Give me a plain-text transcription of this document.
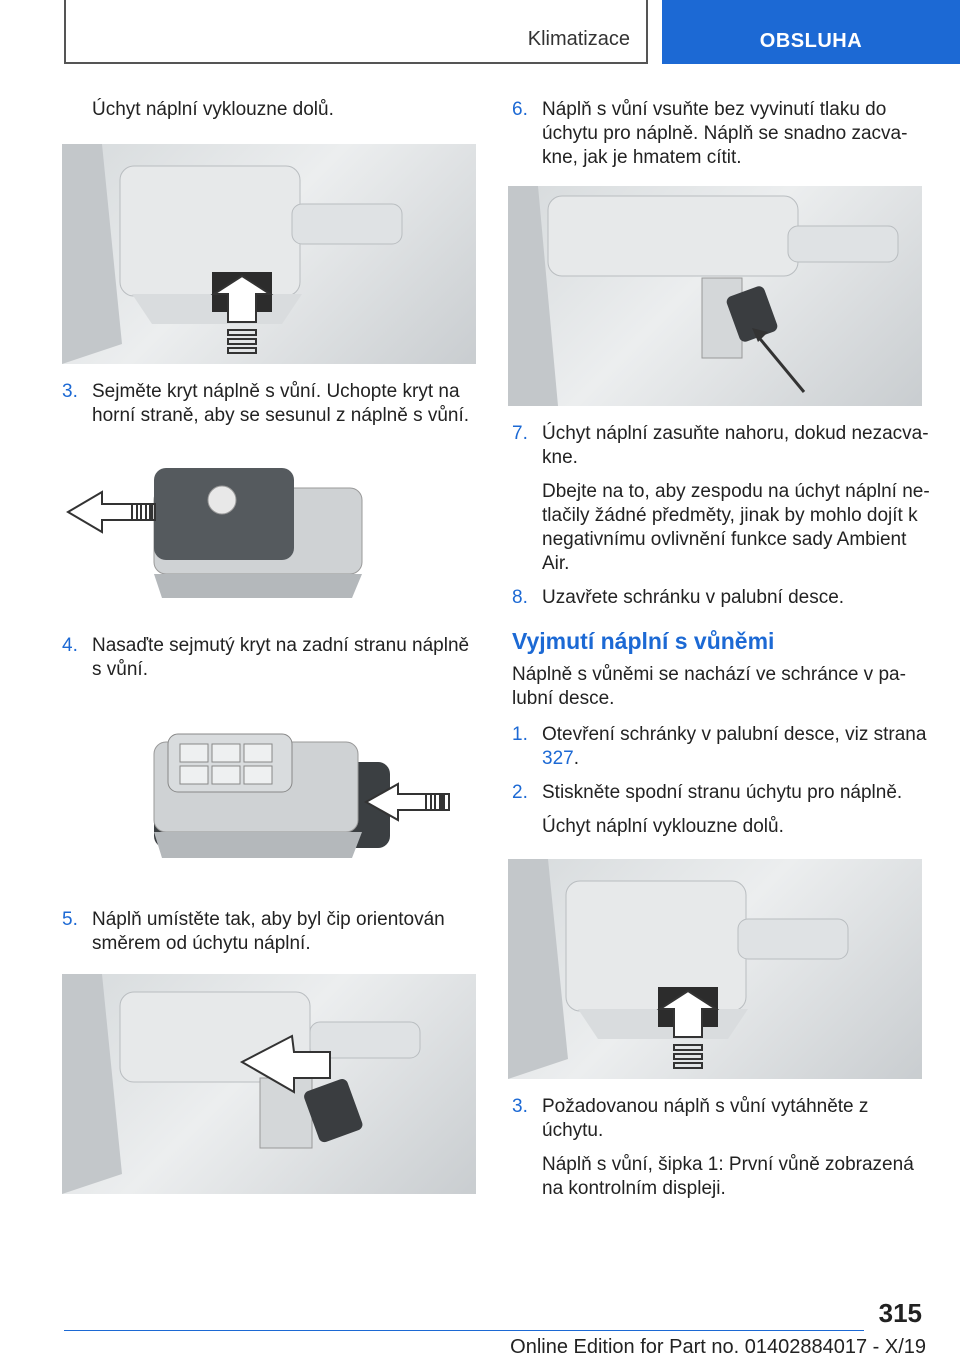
Klimatizace	OBSLUHA

Úchyt náplní vyklouzne dolů.

3. Sejměte kryt náplně s vůní. Uchopte kryt na horní straně, aby se sesunul z náplně s vůní.
4. Nasaďte sejmutý kryt na zadní stranu náplně s vůní.
5. Náplň umístěte tak, aby byl čip orientován směrem od úchytu náplní.
6. Náplň s vůní vsuňte bez vyvinutí tlaku do úchytu pro náplně. Náplň se snadno zacvakne, jak je hmatem cítit.
7. Úchyt náplní zasuňte nahoru, dokud nezacvakne.

Dbejte na to, aby zespodu na úchyt náplní netlačily žádné předměty, jinak by mohlo dojít k negativnímu ovlivnění funkce sady Ambient Air.

8. Uzavřete schránku v palubní desce.
Vyjmutí náplní s vůněmi

Náplně s vůněmi se nachází ve schránce v palubní desce.

1. Otevření schránky v palubní desce, viz strana 327.
2. Stiskněte spodní stranu úchytu pro náplně.

Úchyt náplní vyklouzne dolů.

3. Požadovanou náplň s vůní vytáhněte z úchytu.

Náplň s vůní, šipka 1: První vůně zobrazená na kontrolním displeji.

315
Online Edition for Part no. 01402884017 - X/19
